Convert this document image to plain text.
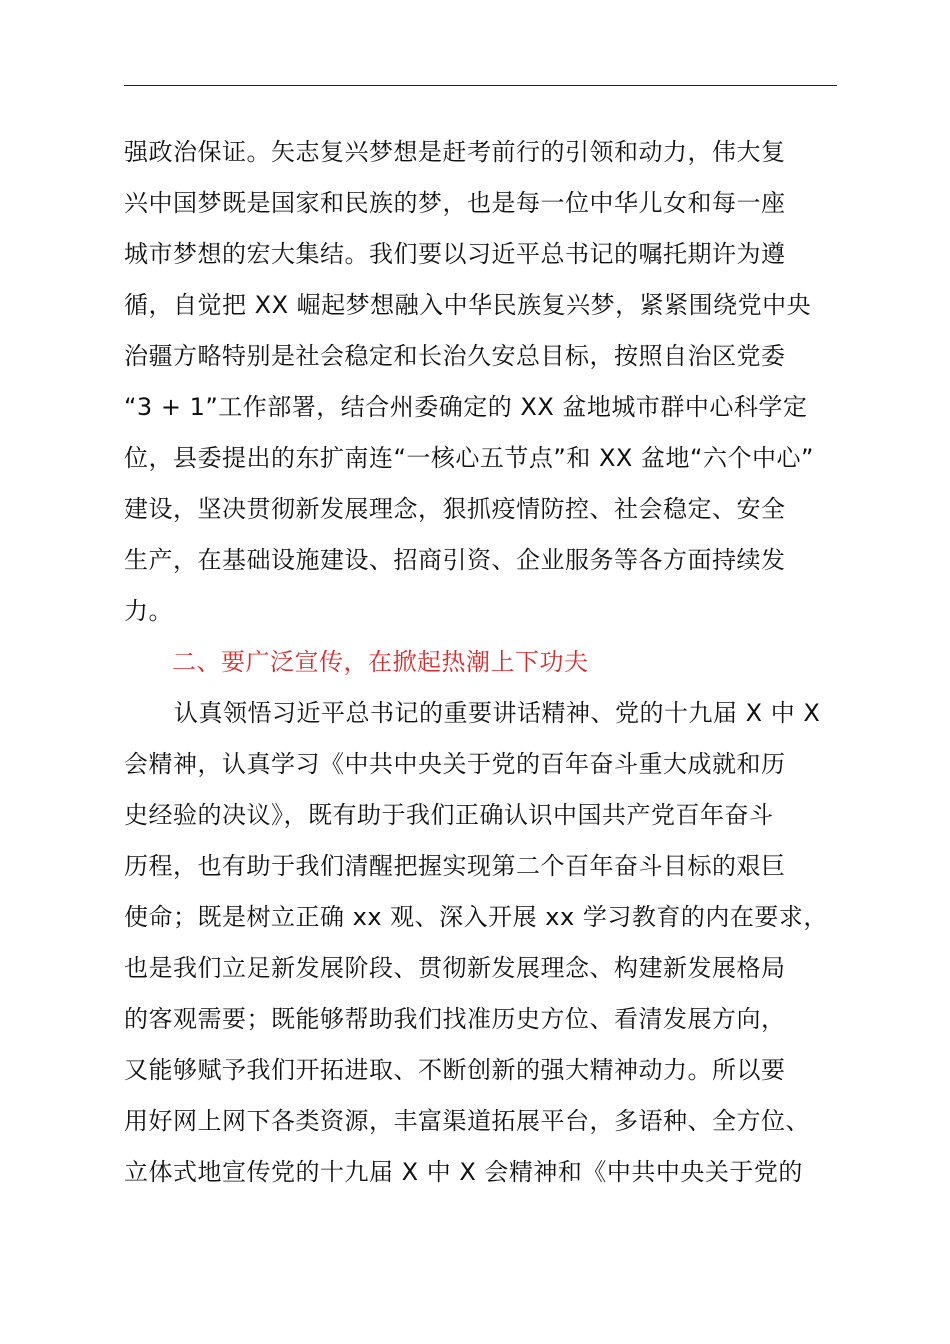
强政治保证。矢志复兴梦想是赶考前行的引领和动力，伟大复
兴中国梦既是国家和民族的梦，也是每一位中华儿女和每一座
城市梦想的宏大集结。我们要以习近平总书记的嘱托期许为遵
循，自觉把 XX 崛起梦想融入中华民族复兴梦，紧紧围绕党中央
治疆方略特别是社会稳定和长治久安总目标，按照自治区党委
“3 + 1”工作部署，结合州委确定的 XX 盆地城市群中心科学定
位，县委提出的东扩南连“一核心五节点”和 XX 盆地“六个中心”
建设，坚决贯彻新发展理念，狠抓疫情防控、社会稳定、安全
生产，在基础设施建设、招商引资、企业服务等各方面持续发
力。
二、要广泛宣传，在掀起热潮上下功夫
认真领悟习近平总书记的重要讲话精神、党的十九届 X 中 X
会精神，认真学习《中共中央关于党的百年奋斗重大成就和历
史经验的决议》，既有助于我们正确认识中国共产党百年奋斗
历程，也有助于我们清醒把握实现第二个百年奋斗目标的艰巨
使命；既是树立正确 xx 观、深入开展 xx 学习教育的内在要求，
也是我们立足新发展阶段、贯彻新发展理念、构建新发展格局
的客观需要；既能够帮助我们找准历史方位、看清发展方向，
又能够赋予我们开拓进取、不断创新的强大精神动力。所以要
用好网上网下各类资源，丰富渠道拓展平台，多语种、全方位、
立体式地宣传党的十九届 X 中 X 会精神和《中共中央关于党的
